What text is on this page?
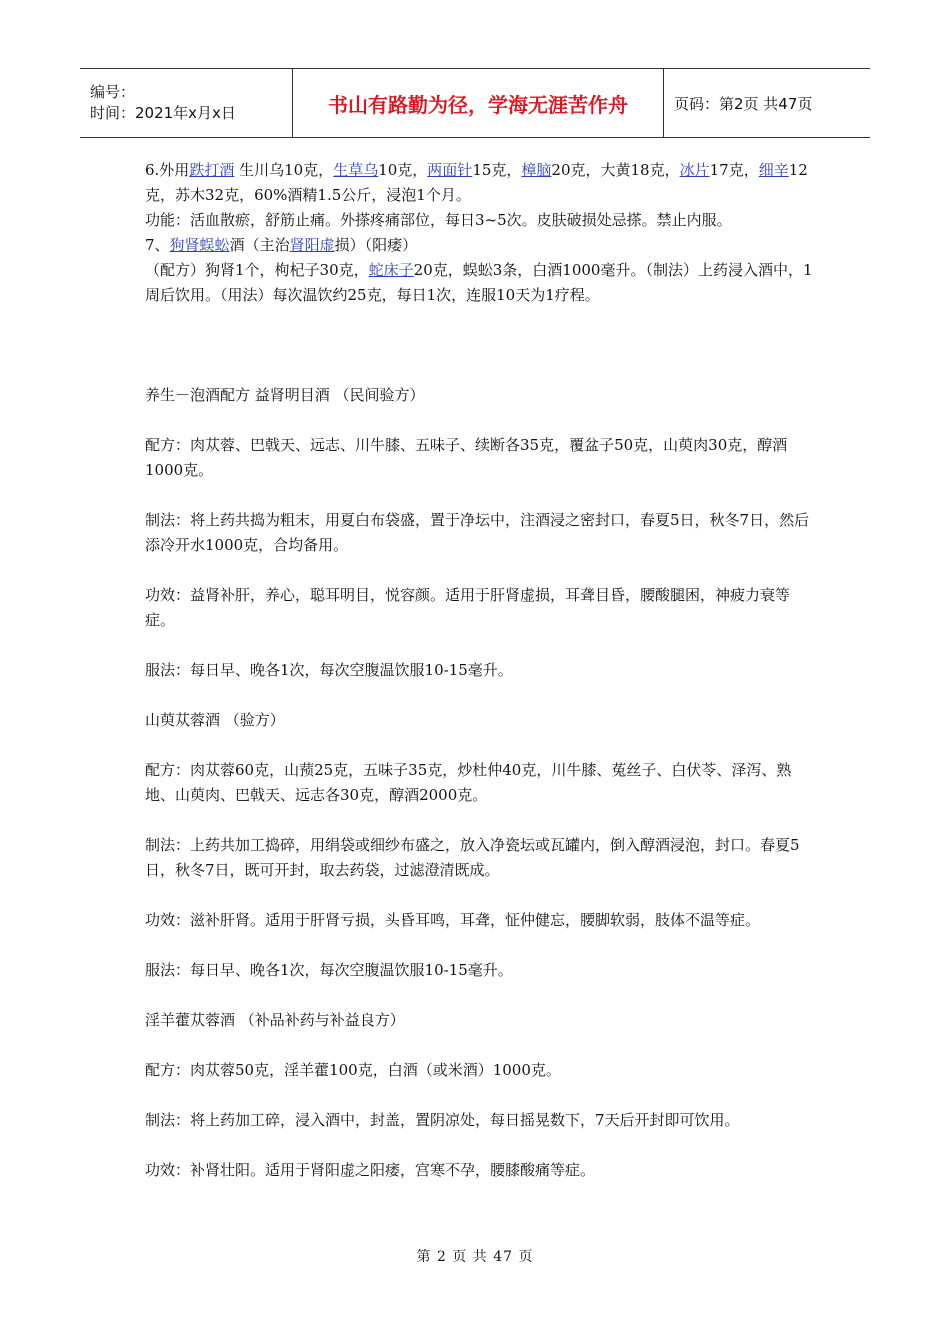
编号：
时间：2021年x月x日	书山有路勤为径，学海无涯苦作舟	页码：第2页 共47页

6.外用跌打酒 生川乌10克，生草乌10克，两面针15克，樟脑20克，大黄18克，冰片17克，细辛12克，苏木32克，60%酒精1.5公斤，浸泡1个月。

功能：活血散瘀，舒筋止痛。外搽疼痛部位，每日3~5次。皮肤破损处忌搽。禁止内服。

7、狗肾蜈蚣酒（主治肾阳虚损）（阳痿）

（配方）狗肾1个，枸杞子30克，蛇床子20克，蜈蚣3条，白酒1000毫升。（制法）上药浸入酒中，1周后饮用。（用法）每次温饮约25克，每日1次，连服10天为1疗程。

养生－泡酒配方 益肾明目酒 （民间验方）

配方：肉苁蓉、巴戟天、远志、川牛膝、五味子、续断各35克，覆盆子50克，山萸肉30克，醇酒1000克。

制法：将上药共捣为粗末，用夏白布袋盛，置于净坛中，注酒浸之密封口，春夏5日，秋冬7日，然后添冷开水1000克，合均备用。

功效：益肾补肝，养心，聪耳明目，悦容颜。适用于肝肾虚损，耳聋目昏，腰酸腿困，神疲力衰等症。

服法：每日早、晚各1次，每次空腹温饮服10-15毫升。

山萸苁蓉酒 （验方）

配方：肉苁蓉60克，山蓣25克，五味子35克，炒杜仲40克，川牛膝、菟丝子、白伏苓、泽泻、熟地、山萸肉、巴戟天、远志各30克，醇酒2000克。

制法：上药共加工捣碎，用绢袋或细纱布盛之，放入净瓷坛或瓦罐内，倒入醇酒浸泡，封口。春夏5日，秋冬7日，既可开封，取去药袋，过滤澄清既成。

功效：滋补肝肾。适用于肝肾亏损，头昏耳鸣，耳聋，怔仲健忘，腰脚软弱，肢体不温等症。

服法：每日早、晚各1次，每次空腹温饮服10-15毫升。

淫羊藿苁蓉酒 （补品补药与补益良方）

配方：肉苁蓉50克，淫羊藿100克，白酒（或米酒）1000克。

制法：将上药加工碎，浸入酒中，封盖，置阴凉处，每日摇晃数下，7天后开封即可饮用。

功效：补肾壮阳。适用于肾阳虚之阳痿，宫寒不孕，腰膝酸痛等症。

第 2 页 共 47 页
